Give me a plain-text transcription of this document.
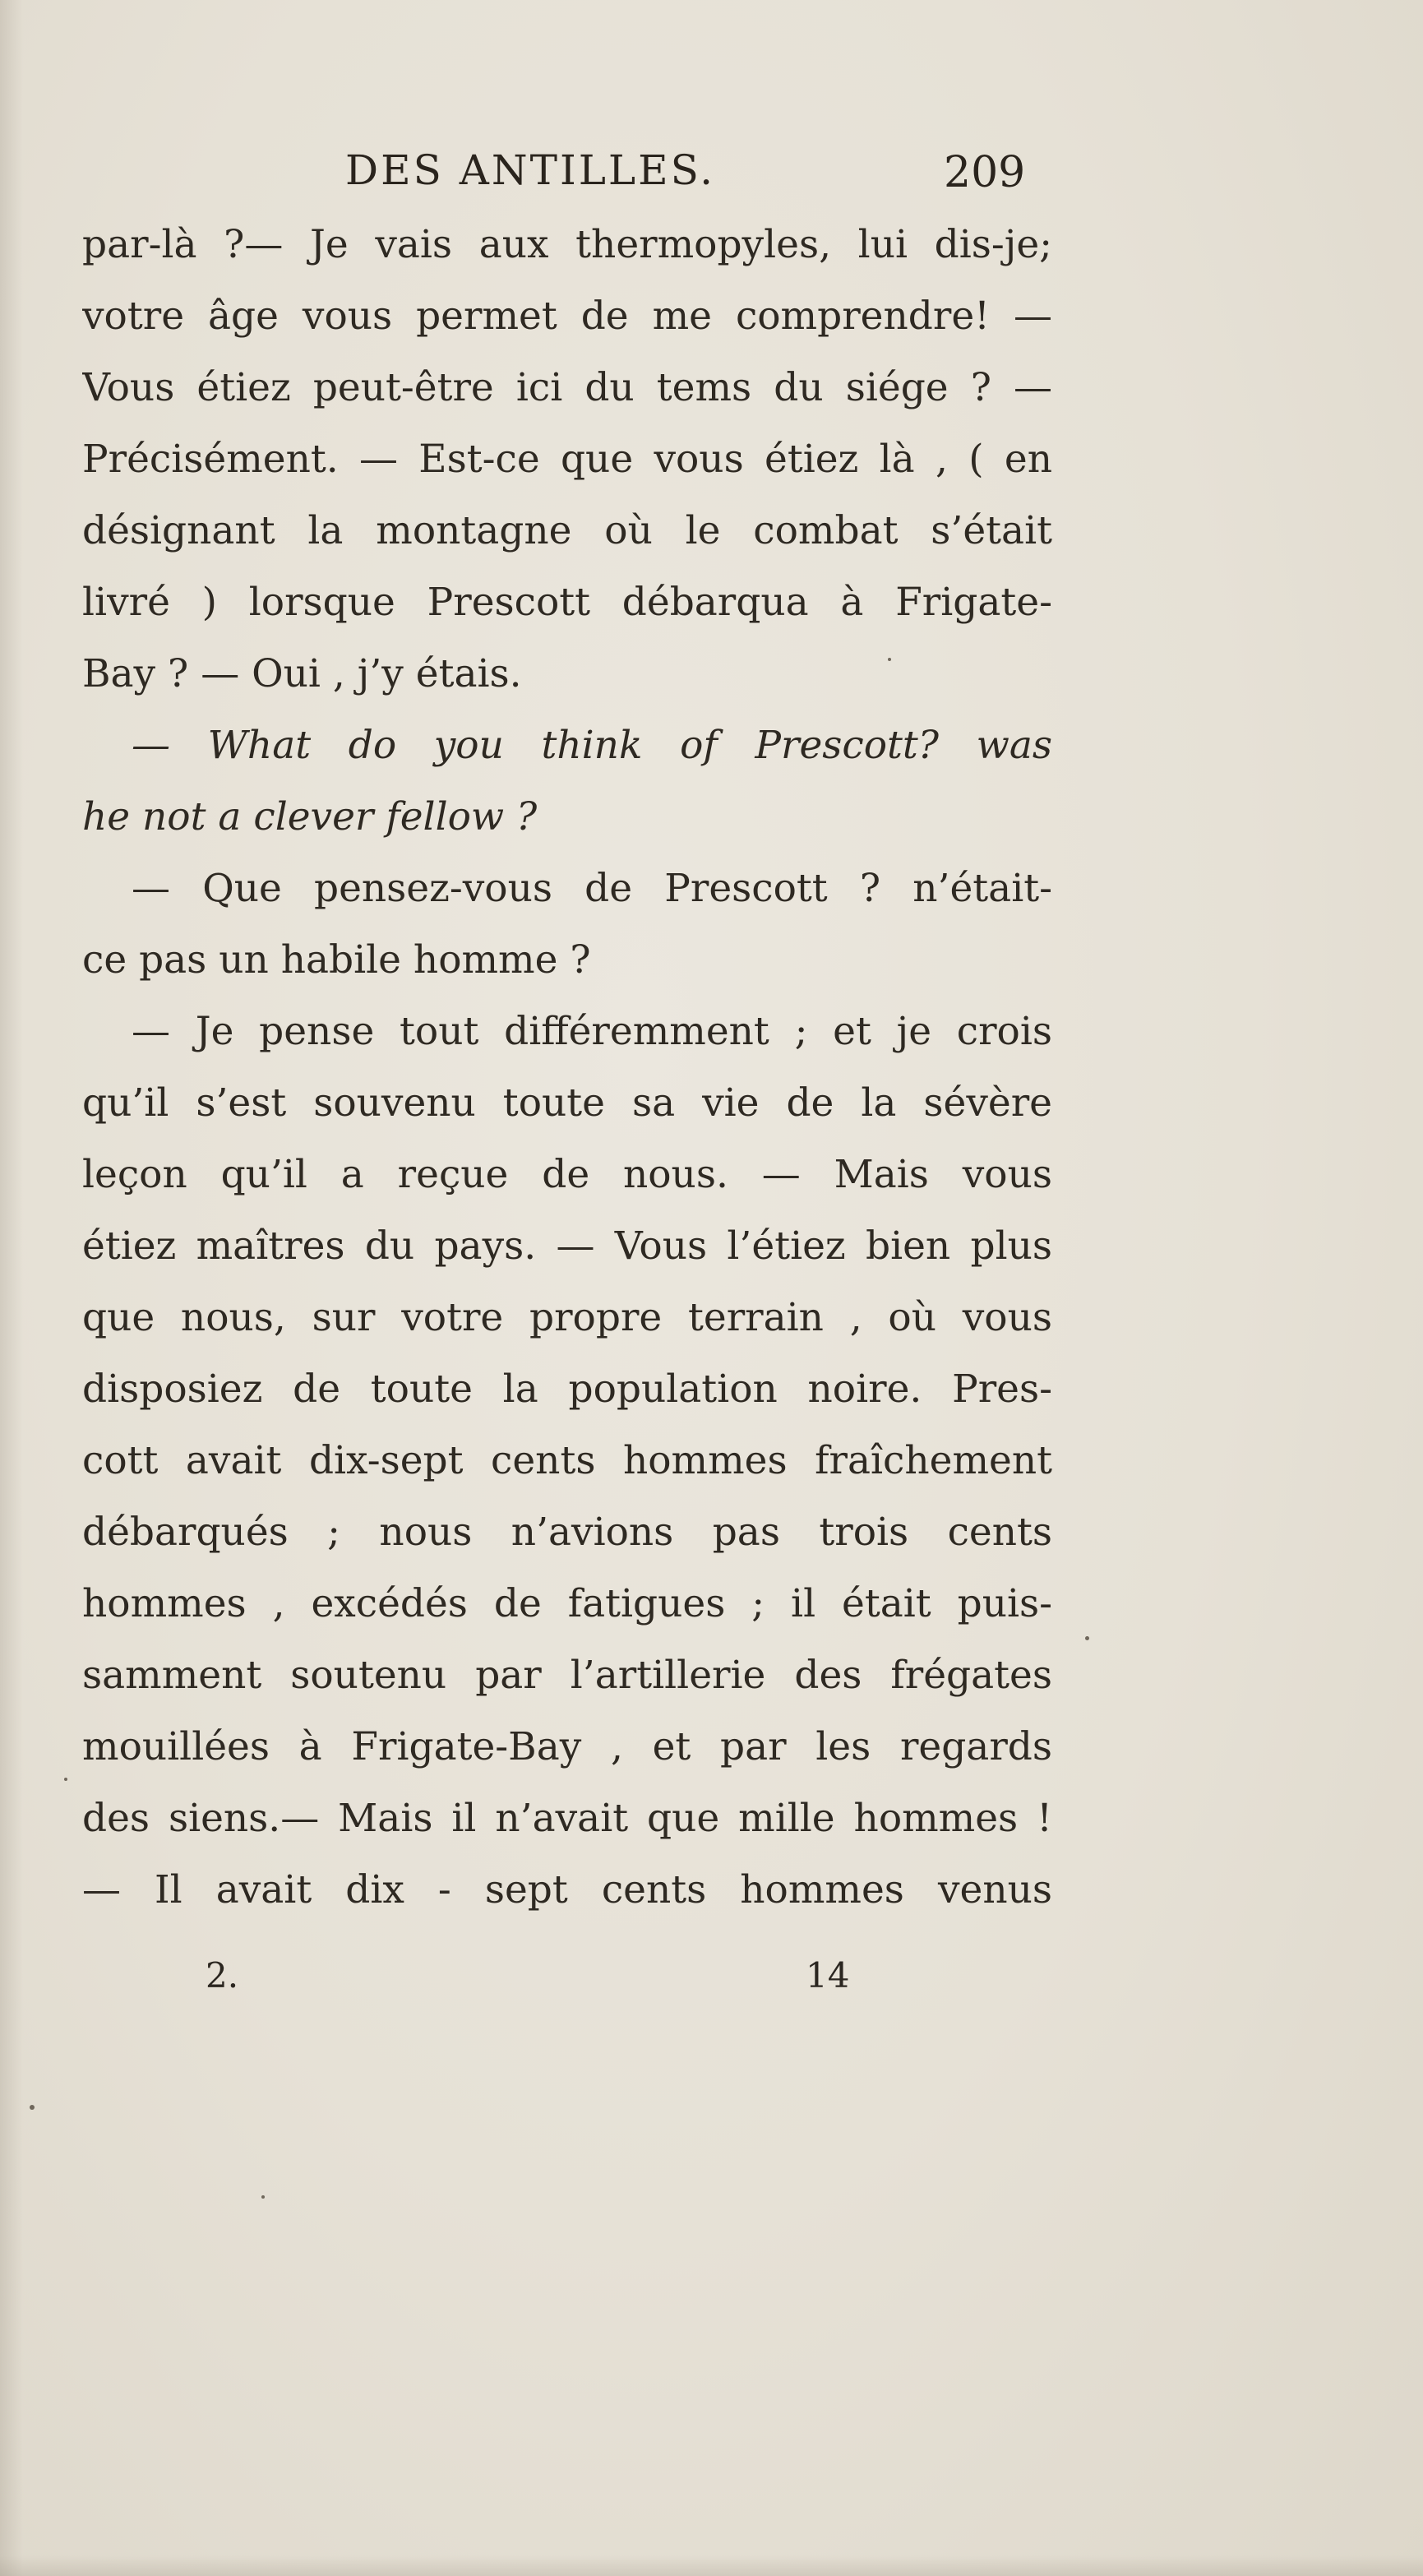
DES ANTILLES.	209
par-là ?— Je vais aux thermopyles, lui dis-je;
votre âge vous permet de me comprendre! —
Vous étiez peut-être ici du tems du siége ? —
Précisément. — Est-ce que vous étiez là , ( en
désignant la montagne où le combat s’était
livré ) lorsque Prescott débarqua à Frigate-
Bay ? — Oui , j’y étais.
— What do you think of Prescott? was
he not a clever fellow ?
— Que pensez-vous de Prescott ? n’était-
ce pas un habile homme ?
— Je pense tout différemment ; et je crois
qu’il s’est souvenu toute sa vie de la sévère
leçon qu’il a reçue de nous. — Mais vous
étiez maîtres du pays. — Vous l’étiez bien plus
que nous, sur votre propre terrain , où vous
disposiez de toute la population noire. Pres-
cott avait dix-sept cents hommes fraîchement
débarqués ; nous n’avions pas trois cents
hommes , excédés de fatigues ; il était puis-
samment soutenu par l’artillerie des frégates
mouillées à Frigate-Bay , et par les regards
des siens.— Mais il n’avait que mille hommes !
— Il avait dix - sept cents hommes venus
2.	14
